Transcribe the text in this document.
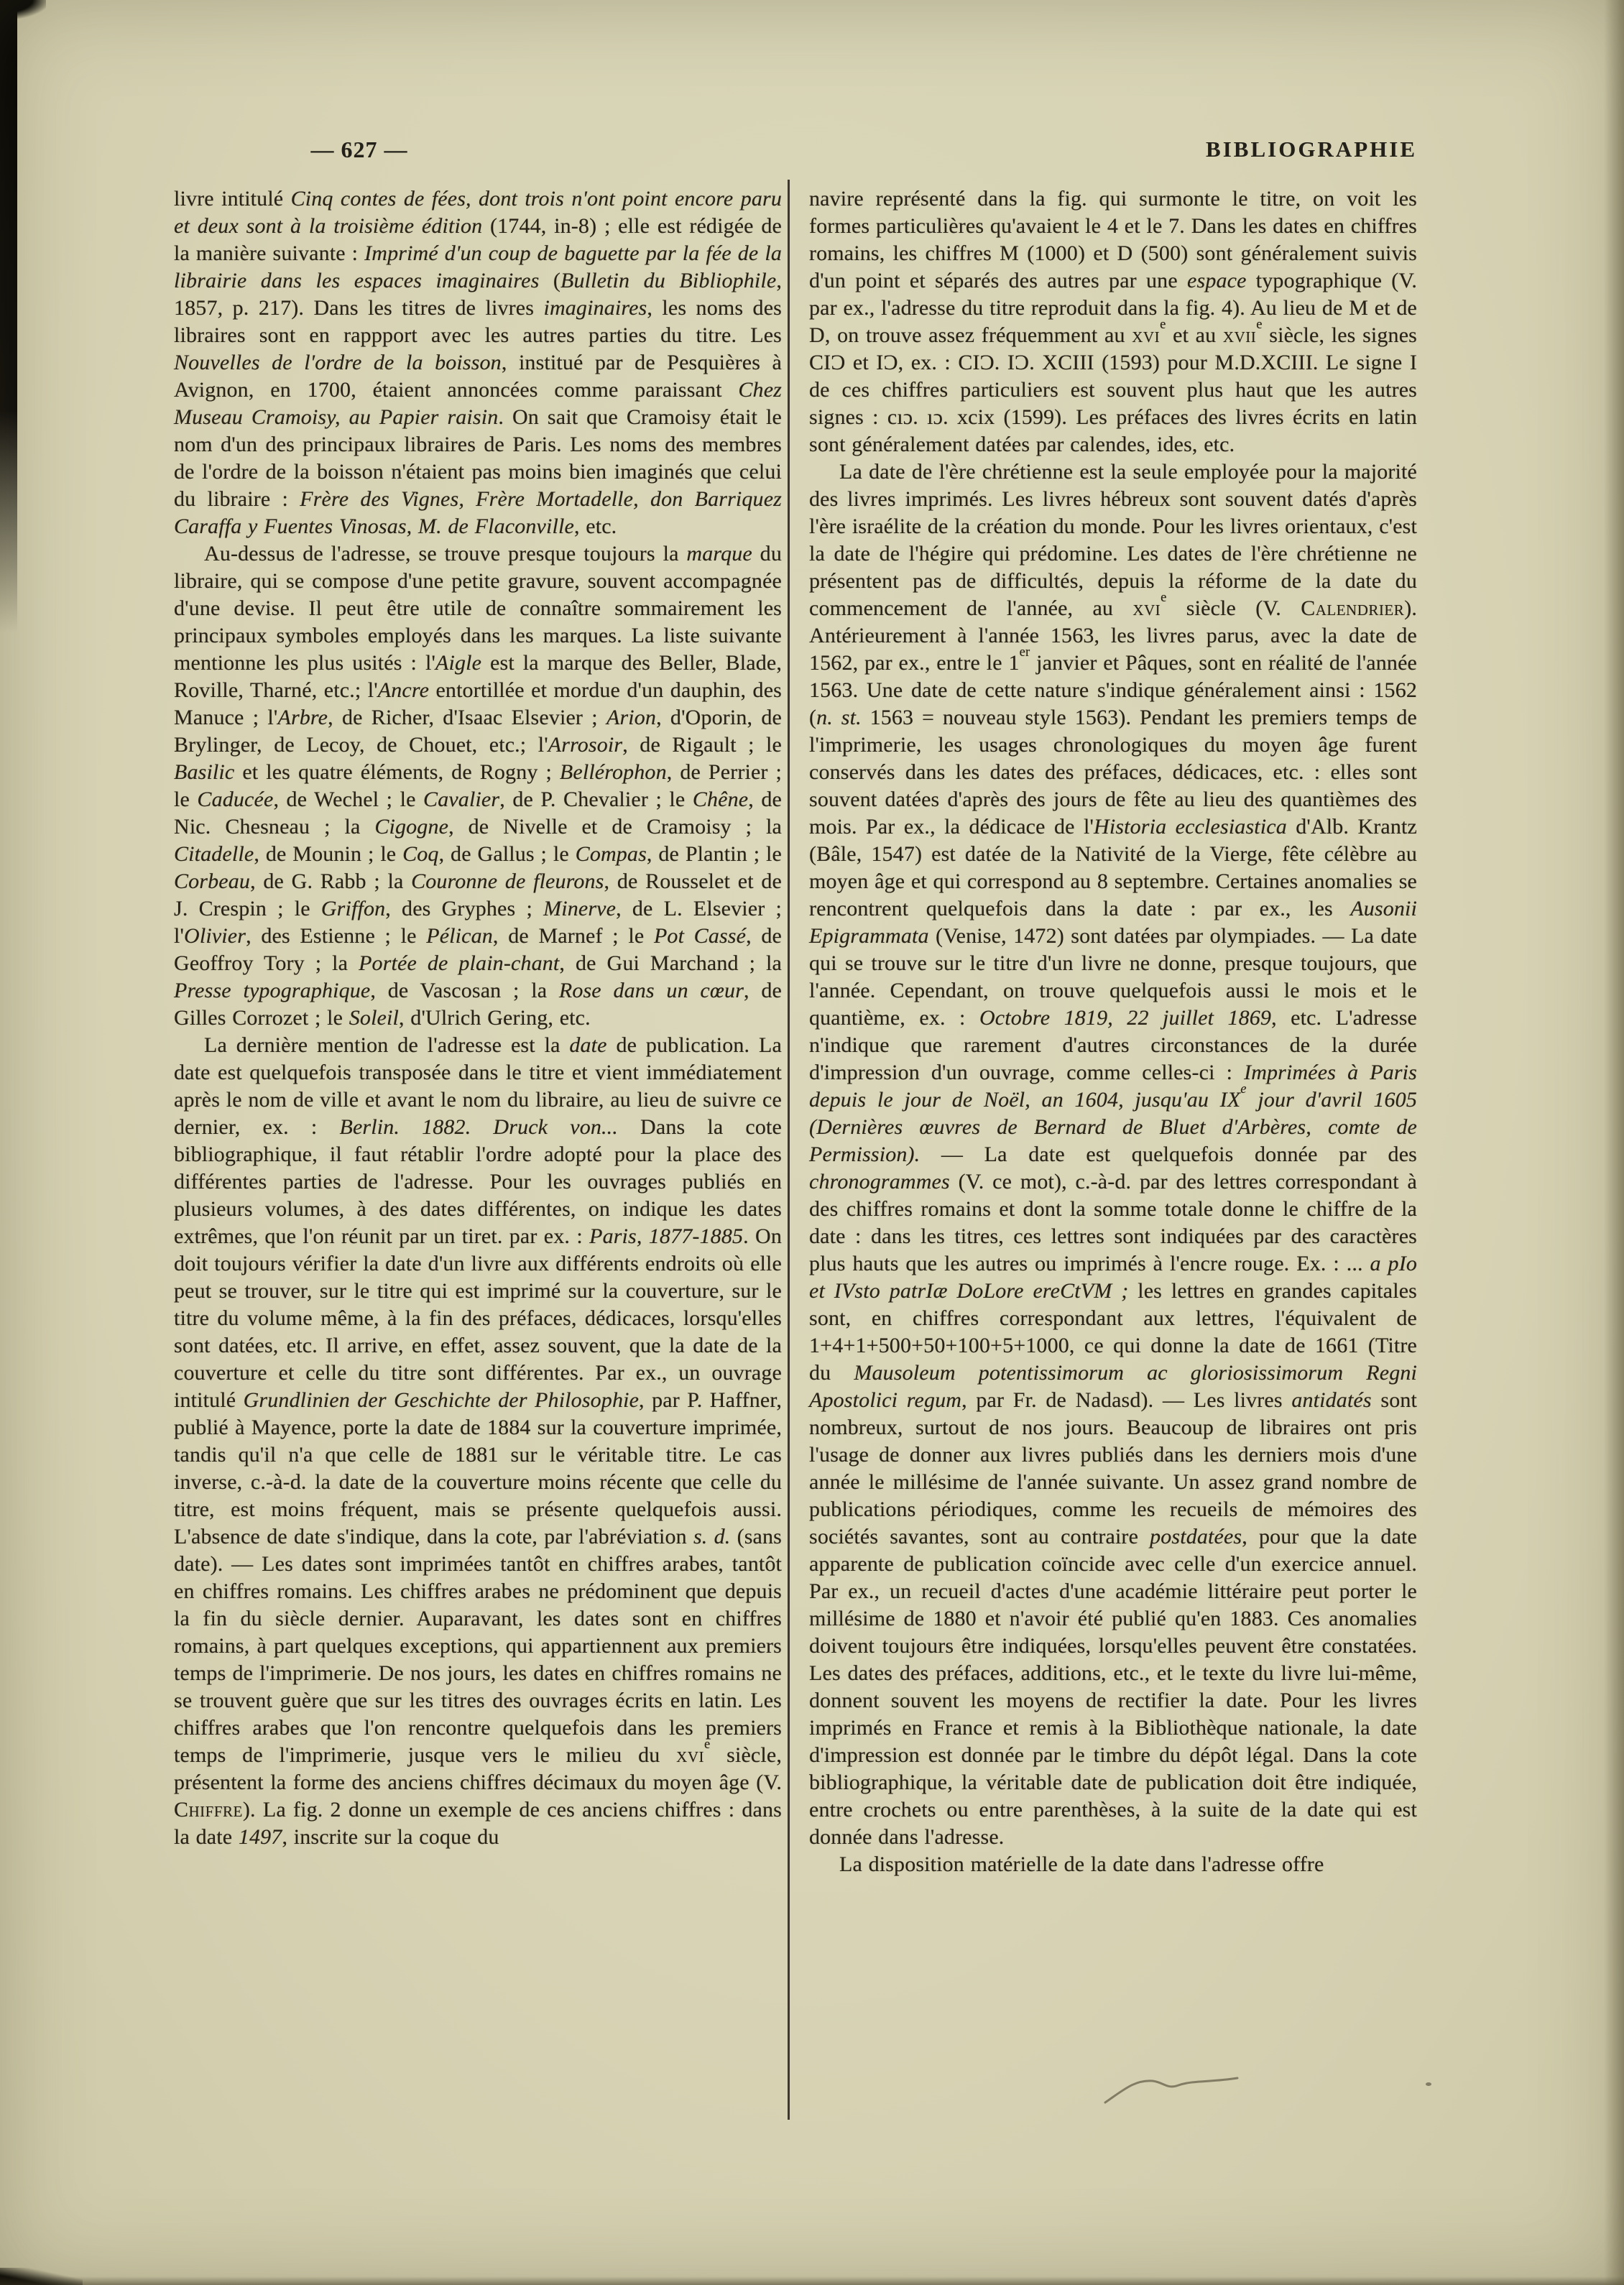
— 627 —	BIBLIOGRAPHIE

livre intitulé Cinq contes de fées, dont trois n'ont point encore paru et deux sont à la troisième édition (1744, in-8) ; elle est rédigée de la manière suivante : Imprimé d'un coup de baguette par la fée de la librairie dans les espaces imaginaires (Bulletin du Bibliophile, 1857, p. 217). Dans les titres de livres imaginaires, les noms des libraires sont en rappport avec les autres parties du titre. Les Nouvelles de l'ordre de la boisson, institué par de Pesquières à Avignon, en 1700, étaient annoncées comme paraissant Chez Museau Cramoisy, au Papier raisin. On sait que Cramoisy était le nom d'un des principaux libraires de Paris. Les noms des membres de l'ordre de la boisson n'étaient pas moins bien imaginés que celui du libraire : Frère des Vignes, Frère Mortadelle, don Barriquez Caraffa y Fuentes Vinosas, M. de Flaconville, etc.

Au-dessus de l'adresse, se trouve presque toujours la marque du libraire, qui se compose d'une petite gravure, souvent accompagnée d'une devise. Il peut être utile de connaître sommairement les principaux symboles employés dans les marques. La liste suivante mentionne les plus usités : l'Aigle est la marque des Beller, Blade, Roville, Tharné, etc.; l'Ancre entortillée et mordue d'un dauphin, des Manuce ; l'Arbre, de Richer, d'Isaac Elsevier ; Arion, d'Oporin, de Brylinger, de Lecoy, de Chouet, etc.; l'Arrosoir, de Rigault ; le Basilic et les quatre éléments, de Rogny ; Bellérophon, de Perrier ; le Caducée, de Wechel ; le Cavalier, de P. Chevalier ; le Chêne, de Nic. Chesneau ; la Cigogne, de Nivelle et de Cramoisy ; la Citadelle, de Mounin ; le Coq, de Gallus ; le Compas, de Plantin ; le Corbeau, de G. Rabb ; la Couronne de fleurons, de Rousselet et de J. Crespin ; le Griffon, des Gryphes ; Minerve, de L. Elsevier ; l'Olivier, des Estienne ; le Pélican, de Marnef ; le Pot Cassé, de Geoffroy Tory ; la Portée de plain-chant, de Gui Marchand ; la Presse typographique, de Vascosan ; la Rose dans un cœur, de Gilles Corrozet ; le Soleil, d'Ulrich Gering, etc.

La dernière mention de l'adresse est la date de publication. La date est quelquefois transposée dans le titre et vient immédiatement après le nom de ville et avant le nom du libraire, au lieu de suivre ce dernier, ex. : Berlin. 1882. Druck von... Dans la cote bibliographique, il faut rétablir l'ordre adopté pour la place des différentes parties de l'adresse. Pour les ouvrages publiés en plusieurs volumes, à des dates différentes, on indique les dates extrêmes, que l'on réunit par un tiret. par ex. : Paris, 1877-1885. On doit toujours vérifier la date d'un livre aux différents endroits où elle peut se trouver, sur le titre qui est imprimé sur la couverture, sur le titre du volume même, à la fin des préfaces, dédicaces, lorsqu'elles sont datées, etc. Il arrive, en effet, assez souvent, que la date de la couverture et celle du titre sont différentes. Par ex., un ouvrage intitulé Grundlinien der Geschichte der Philosophie, par P. Haffner, publié à Mayence, porte la date de 1884 sur la couverture imprimée, tandis qu'il n'a que celle de 1881 sur le véritable titre. Le cas inverse, c.-à-d. la date de la couverture moins récente que celle du titre, est moins fréquent, mais se présente quelquefois aussi. L'absence de date s'indique, dans la cote, par l'abréviation s. d. (sans date). — Les dates sont imprimées tantôt en chiffres arabes, tantôt en chiffres romains. Les chiffres arabes ne prédominent que depuis la fin du siècle dernier. Auparavant, les dates sont en chiffres romains, à part quelques exceptions, qui appartiennent aux premiers temps de l'imprimerie. De nos jours, les dates en chiffres romains ne se trouvent guère que sur les titres des ouvrages écrits en latin. Les chiffres arabes que l'on rencontre quelquefois dans les premiers temps de l'imprimerie, jusque vers le milieu du xvi$^e$ siècle, présentent la forme des anciens chiffres décimaux du moyen âge (V. Chiffre). La fig. 2 donne un exemple de ces anciens chiffres : dans la date 1497, inscrite sur la coque du

navire représenté dans la fig. qui surmonte le titre, on voit les formes particulières qu'avaient le 4 et le 7. Dans les dates en chiffres romains, les chiffres M (1000) et D (500) sont généralement suivis d'un point et séparés des autres par une espace typographique (V. par ex., l'adresse du titre reproduit dans la fig. 4). Au lieu de M et de D, on trouve assez fréquemment au xvi$^e$ et au xvii$^e$ siècle, les signes CIƆ et IƆ, ex. : CIƆ. IƆ. XCIII (1593) pour M.D.XCIII. Le signe I de ces chiffres particuliers est souvent plus haut que les autres signes : cıɔ. ıɔ. xcix (1599). Les préfaces des livres écrits en latin sont généralement datées par calendes, ides, etc.

La date de l'ère chrétienne est la seule employée pour la majorité des livres imprimés. Les livres hébreux sont souvent datés d'après l'ère israélite de la création du monde. Pour les livres orientaux, c'est la date de l'hégire qui prédomine. Les dates de l'ère chrétienne ne présentent pas de difficultés, depuis la réforme de la date du commencement de l'année, au xvi$^e$ siècle (V. Calendrier). Antérieurement à l'année 1563, les livres parus, avec la date de 1562, par ex., entre le 1er janvier et Pâques, sont en réalité de l'année 1563. Une date de cette nature s'indique généralement ainsi : 1562 (n. st. 1563 = nouveau style 1563). Pendant les premiers temps de l'imprimerie, les usages chronologiques du moyen âge furent conservés dans les dates des préfaces, dédicaces, etc. : elles sont souvent datées d'après des jours de fête au lieu des quantièmes des mois. Par ex., la dédicace de l'Historia ecclesiastica d'Alb. Krantz (Bâle, 1547) est datée de la Nativité de la Vierge, fête célèbre au moyen âge et qui correspond au 8 septembre. Certaines anomalies se rencontrent quelquefois dans la date : par ex., les Ausonii Epigrammata (Venise, 1472) sont datées par olympiades. — La date qui se trouve sur le titre d'un livre ne donne, presque toujours, que l'année. Cependant, on trouve quelquefois aussi le mois et le quantième, ex. : Octobre 1819, 22 juillet 1869, etc. L'adresse n'indique que rarement d'autres circonstances de la durée d'impression d'un ouvrage, comme celles-ci : Imprimées à Paris depuis le jour de Noël, an 1604, jusqu'au IXe jour d'avril 1605 (Dernières œuvres de Bernard de Bluet d'Arbères, comte de Permission). — La date est quelquefois donnée par des chronogrammes (V. ce mot), c.-à-d. par des lettres correspondant à des chiffres romains et dont la somme totale donne le chiffre de la date : dans les titres, ces lettres sont indiquées par des caractères plus hauts que les autres ou imprimés à l'encre rouge. Ex. : ... a pIo et IVsto patrIæ DoLore ereCtVM ; les lettres en grandes capitales sont, en chiffres correspondant aux lettres, l'équivalent de 1+4+1+500+50+100+5+1000, ce qui donne la date de 1661 (Titre du Mausoleum potentissimorum ac gloriosissimorum Regni Apostolici regum, par Fr. de Nadasd). — Les livres antidatés sont nombreux, surtout de nos jours. Beaucoup de libraires ont pris l'usage de donner aux livres publiés dans les derniers mois d'une année le millésime de l'année suivante. Un assez grand nombre de publications périodiques, comme les recueils de mémoires des sociétés savantes, sont au contraire postdatées, pour que la date apparente de publication coïncide avec celle d'un exercice annuel. Par ex., un recueil d'actes d'une académie littéraire peut porter le millésime de 1880 et n'avoir été publié qu'en 1883. Ces anomalies doivent toujours être indiquées, lorsqu'elles peuvent être constatées. Les dates des préfaces, additions, etc., et le texte du livre lui-même, donnent souvent les moyens de rectifier la date. Pour les livres imprimés en France et remis à la Bibliothèque nationale, la date d'impression est donnée par le timbre du dépôt légal. Dans la cote bibliographique, la véritable date de publication doit être indiquée, entre crochets ou entre parenthèses, à la suite de la date qui est donnée dans l'adresse.

La disposition matérielle de la date dans l'adresse offre
